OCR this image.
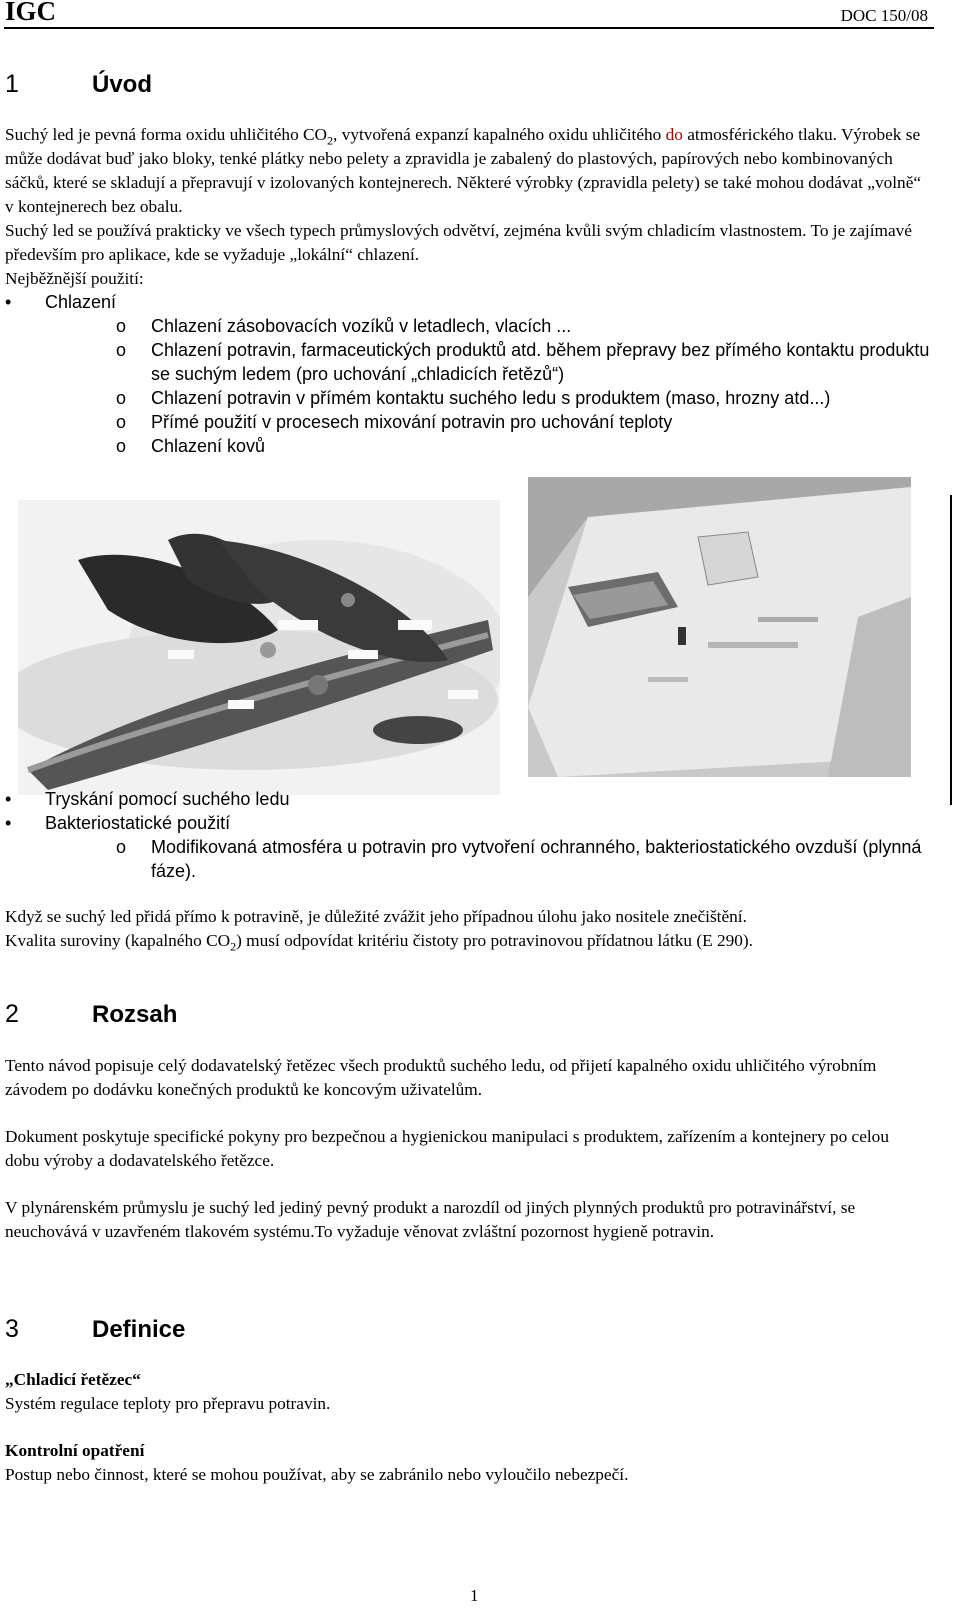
IGC	DOC 150/08
1	Úvod
Suchý led je pevná forma oxidu uhličitého $CO_2$, vytvořená expanzí kapalného oxidu uhličitého do atmosférického tlaku. Výrobek se může dodávat buď jako bloky, tenké plátky nebo pelety a zpravidla je zabalený do plastových, papírových nebo kombinovaných sáčků, které se skladují a přepravují v izolovaných kontejnerech. Některé výrobky (zpravidla pelety) se také mohou dodávat „volně“ v kontejnerech bez obalu.
Suchý led se používá prakticky ve všech typech průmyslových odvětví, zejména kvůli svým chladicím vlastnostem. To je zajímavé především pro aplikace, kde se vyžaduje „lokální“ chlazení.
Nejběžnější použití:
• Chlazení
o Chlazení zásobovacích vozíků v letadlech, vlacích ...
o Chlazení potravin, farmaceutických produktů atd. během přepravy bez přímého kontaktu produktu se suchým ledem (pro uchování „chladicích řetězů“)
o Chlazení potravin v přímém kontaktu suchého ledu s produktem (maso, hrozny atd...)
o Přímé použití v procesech mixování potravin pro uchování teploty
o Chlazení kovů
• Tryskání pomocí suchého ledu
• Bakteriostatické použití
o Modifikovaná atmosféra u potravin pro vytvoření ochranného, bakteriostatického ovzduší (plynná fáze).
Když se suchý led přidá přímo k potravině, je důležité zvážit jeho případnou úlohu jako nositele znečištění.
Kvalita suroviny (kapalného $CO_2$) musí odpovídat kritériu čistoty pro potravinovou přídatnou látku (E 290).
2	Rozsah
Tento návod popisuje celý dodavatelský řetězec všech produktů suchého ledu, od přijetí kapalného oxidu uhličitého výrobním závodem po dodávku konečných produktů ke koncovým uživatelům.
Dokument poskytuje specifické pokyny pro bezpečnou a hygienickou manipulaci s produktem, zařízením a kontejnery po celou dobu výroby a dodavatelského řetězce.
V plynárenském průmyslu je suchý led jediný pevný produkt a narozdíl od jiných plynných produktů pro potravinářství, se neuchovává v uzavřeném tlakovém systému.To vyžaduje věnovat zvláštní pozornost hygieně potravin.
3	Definice
„Chladicí řetězec“
Systém regulace teploty pro přepravu potravin.
Kontrolní opatření
Postup nebo činnost, které se mohou používat, aby se zabránilo nebo vyloučilo nebezpečí.
1
